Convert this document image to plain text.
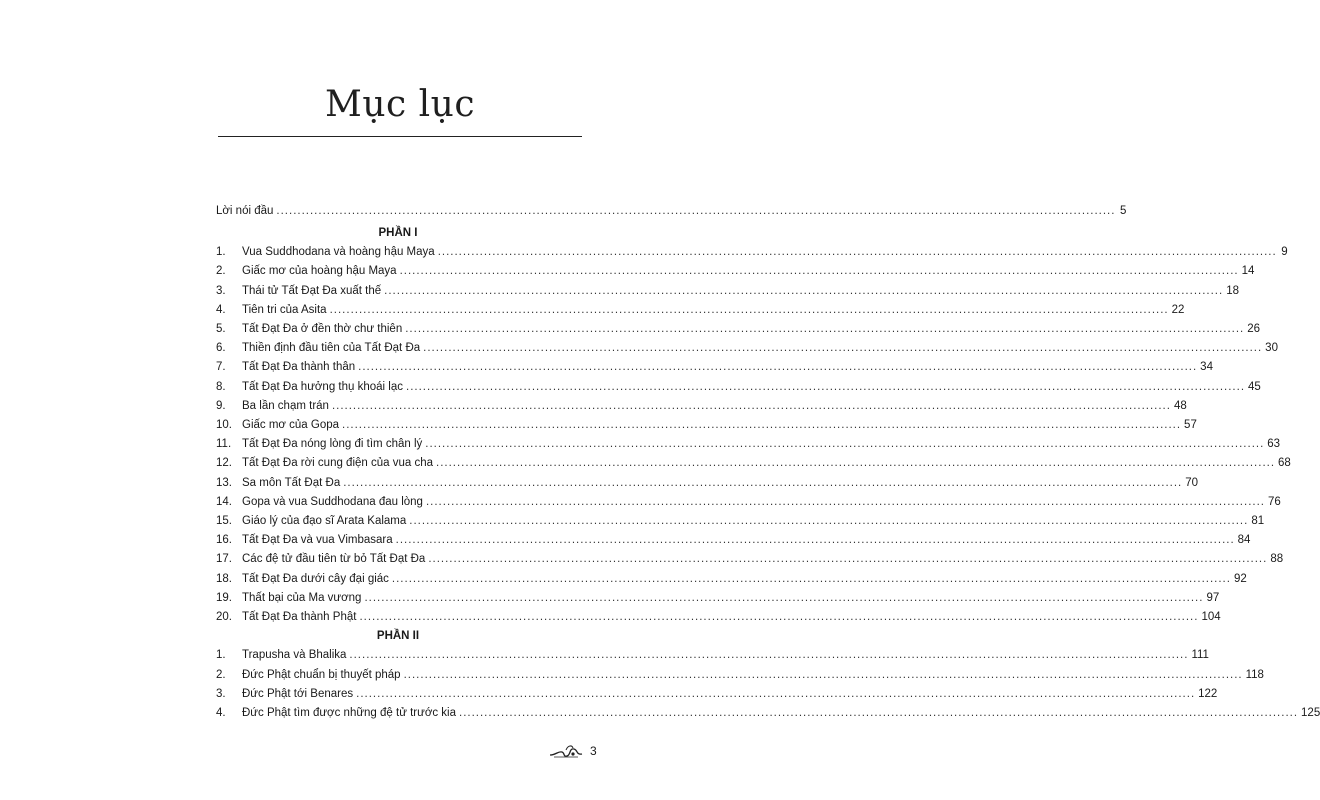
Mục lục
Lời nói đầu ........................................................................................................................................................................................................ 5
PHẦN I
1.	Vua Suddhodana và hoàng hậu Maya ........................................................................................................................................................................................................ 9
2.	Giấc mơ của hoàng hậu Maya ........................................................................................................................................................................................................ 14
3.	Thái tử Tất Đạt Đa xuất thế ........................................................................................................................................................................................................ 18
4.	Tiên tri của Asita ........................................................................................................................................................................................................ 22
5.	Tất Đạt Đa ở đền thờ chư thiên ........................................................................................................................................................................................................ 26
6.	Thiền định đầu tiên của Tất Đạt Đa ........................................................................................................................................................................................................ 30
7.	Tất Đạt Đa thành thân ........................................................................................................................................................................................................ 34
8.	Tất Đạt Đa hưởng thụ khoái lạc ........................................................................................................................................................................................................ 45
9.	Ba lần chạm trán ........................................................................................................................................................................................................ 48
10. Giấc mơ của Gopa ........................................................................................................................................................................................................ 57
11. Tất Đạt Đa nóng lòng đi tìm chân lý ........................................................................................................................................................................................................ 63
12. Tất Đạt Đa rời cung điện của vua cha ........................................................................................................................................................................................................ 68
13. Sa môn Tất Đạt Đa ........................................................................................................................................................................................................ 70
14. Gopa và vua Suddhodana đau lòng ........................................................................................................................................................................................................ 76
15. Giáo lý của đạo sĩ Arata Kalama ........................................................................................................................................................................................................ 81
16. Tất Đạt Đa và vua Vimbasara ........................................................................................................................................................................................................ 84
17. Các đệ tử đầu tiên từ bỏ Tất Đạt Đa ........................................................................................................................................................................................................ 88
18. Tất Đạt Đa dưới cây đại giác ........................................................................................................................................................................................................ 92
19. Thất bại của Ma vương ........................................................................................................................................................................................................ 97
20. Tất Đạt Đa thành Phật ........................................................................................................................................................................................................ 104
PHẦN II
1.	Trapusha và Bhalika ........................................................................................................................................................................................................ 111
2.	Đức Phật chuẩn bị thuyết pháp ........................................................................................................................................................................................................ 118
3.	Đức Phật tới Benares ........................................................................................................................................................................................................ 122
4.	Đức Phật tìm được những đệ tử trước kia ........................................................................................................................................................................................................ 125
3
